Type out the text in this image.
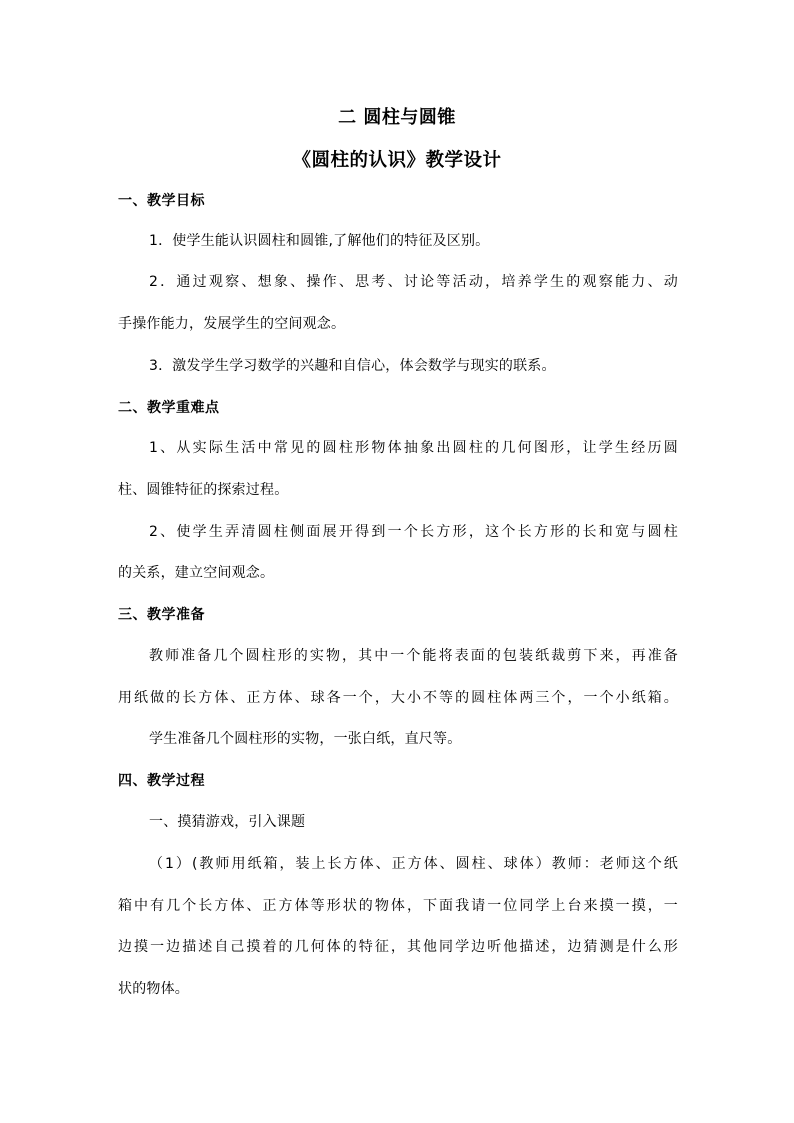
二 圆柱与圆锥
《圆柱的认识》教学设计
一、教学目标
1．使学生能认识圆柱和圆锥,了解他们的特征及区别。
2．通过观察、想象、操作、思考、讨论等活动，培养学生的观察能力、动
手操作能力，发展学生的空间观念。
3．激发学生学习数学的兴趣和自信心，体会数学与现实的联系。
二、教学重难点
1、从实际生活中常见的圆柱形物体抽象出圆柱的几何图形，让学生经历圆
柱、圆锥特征的探索过程。
2、使学生弄清圆柱侧面展开得到一个长方形，这个长方形的长和宽与圆柱
的关系，建立空间观念。
三、教学准备
教师准备几个圆柱形的实物，其中一个能将表面的包装纸裁剪下来，再准备
用纸做的长方体、正方体、球各一个，大小不等的圆柱体两三个，一个小纸箱。
学生准备几个圆柱形的实物，一张白纸，直尺等。
四、教学过程
一、摸猜游戏，引入课题
（1）(教师用纸箱，装上长方体、正方体、圆柱、球体）教师：老师这个纸
箱中有几个长方体、正方体等形状的物体，下面我请一位同学上台来摸一摸，一
边摸一边描述自己摸着的几何体的特征，其他同学边听他描述，边猜测是什么形
状的物体。
